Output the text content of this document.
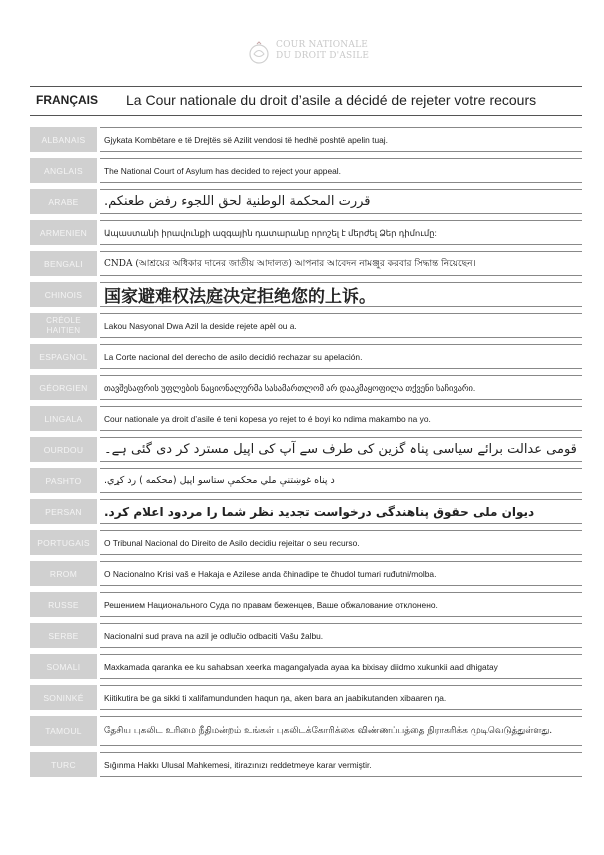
COUR NATIONALE
DU DROIT D'ASILE
FRANÇAIS La Cour nationale du droit d’asile a décidé de rejeter votre recours
ALBANAIS	Gjykata Kombëtare e të Drejtës së Azilit vendosi të hedhë poshtë apelin tuaj.
ANGLAIS	The National Court of Asylum has decided to reject your appeal.
ARABE	قررت المحكمة الوطنية لحق اللجوء رفض طعنكم.
ARMENIEN	Ապաստանի իրավունքի ազգային դատարանը որոշել է մերժել Ձեր դիմումը:
BENGALI	CNDA (আশ্রয়ের অধিকার দানের জাতীয় আদালত) আপনার আবেদন নামঞ্জুর করবার সিদ্ধান্ত নিয়েছেন।
CHINOIS	国家避难权法庭决定拒绝您的上诉。
CRÉOLE HAITIEN	Lakou Nasyonal Dwa Azil la deside rejete apèl ou a.
ESPAGNOL	La Corte nacional del derecho de asilo decidió rechazar su apelación.
GÉORGIEN	თავშესაფრის უფლების ნაციონალურმა სასამართლომ არ დააკმაყოფილა თქვენი საჩივარი.
LINGALA	Cour nationale ya droit d’asile é teni kopesa yo rejet to é boyi ko ndima makambo na yo.
OURDOU	قومی عدالت برائے سیاسی پناہ گزین کی طرف سے آپ کی اپیل مسترد کر دی گئی ہے۔
PASHTO	د پناه غوښتنې ملي محکمې ستاسو اپیل (محکمه ) رد کړي.
PERSAN	دیوان ملی حقوق پناهندگی درخواست تجدید نظر شما را مردود اعلام کرد.
PORTUGAIS	O Tribunal Nacional do Direito de Asilo decidiu rejeitar o seu recurso.
RROM	O Nacionalno Krisi vaš e Hakaja e Azilese anda čhinadipe te čhudol tumari ruđutni/molba.
RUSSE	Решением Национального Суда по правам беженцев, Ваше обжалование отклонено.
SERBE	Nacionalni sud prava na azil je odlučio odbaciti Vašu žalbu.
SOMALI	Maxkamada qaranka ee ku sahabsan xeerka magangalyada ayaa ka bixisay diidmo xukunkii aad dhigatay
SONINKÉ	Kiitikutira be ga sikki ti xalifamundunden haqun ŋa, aken bara an jaabikutanden xibaaren ŋa.
TAMOUL	தேசிய புகலிட உரிமை நீதிமன்றம் உங்கள் புகலிடக்கோரிக்கை விண்ணப்பத்தை நிராகரிக்க முடிவெடுத்துள்ளது.
TURC	Sığınma Hakkı Ulusal Mahkemesi, itirazınızı reddetmeye karar vermiştir.
